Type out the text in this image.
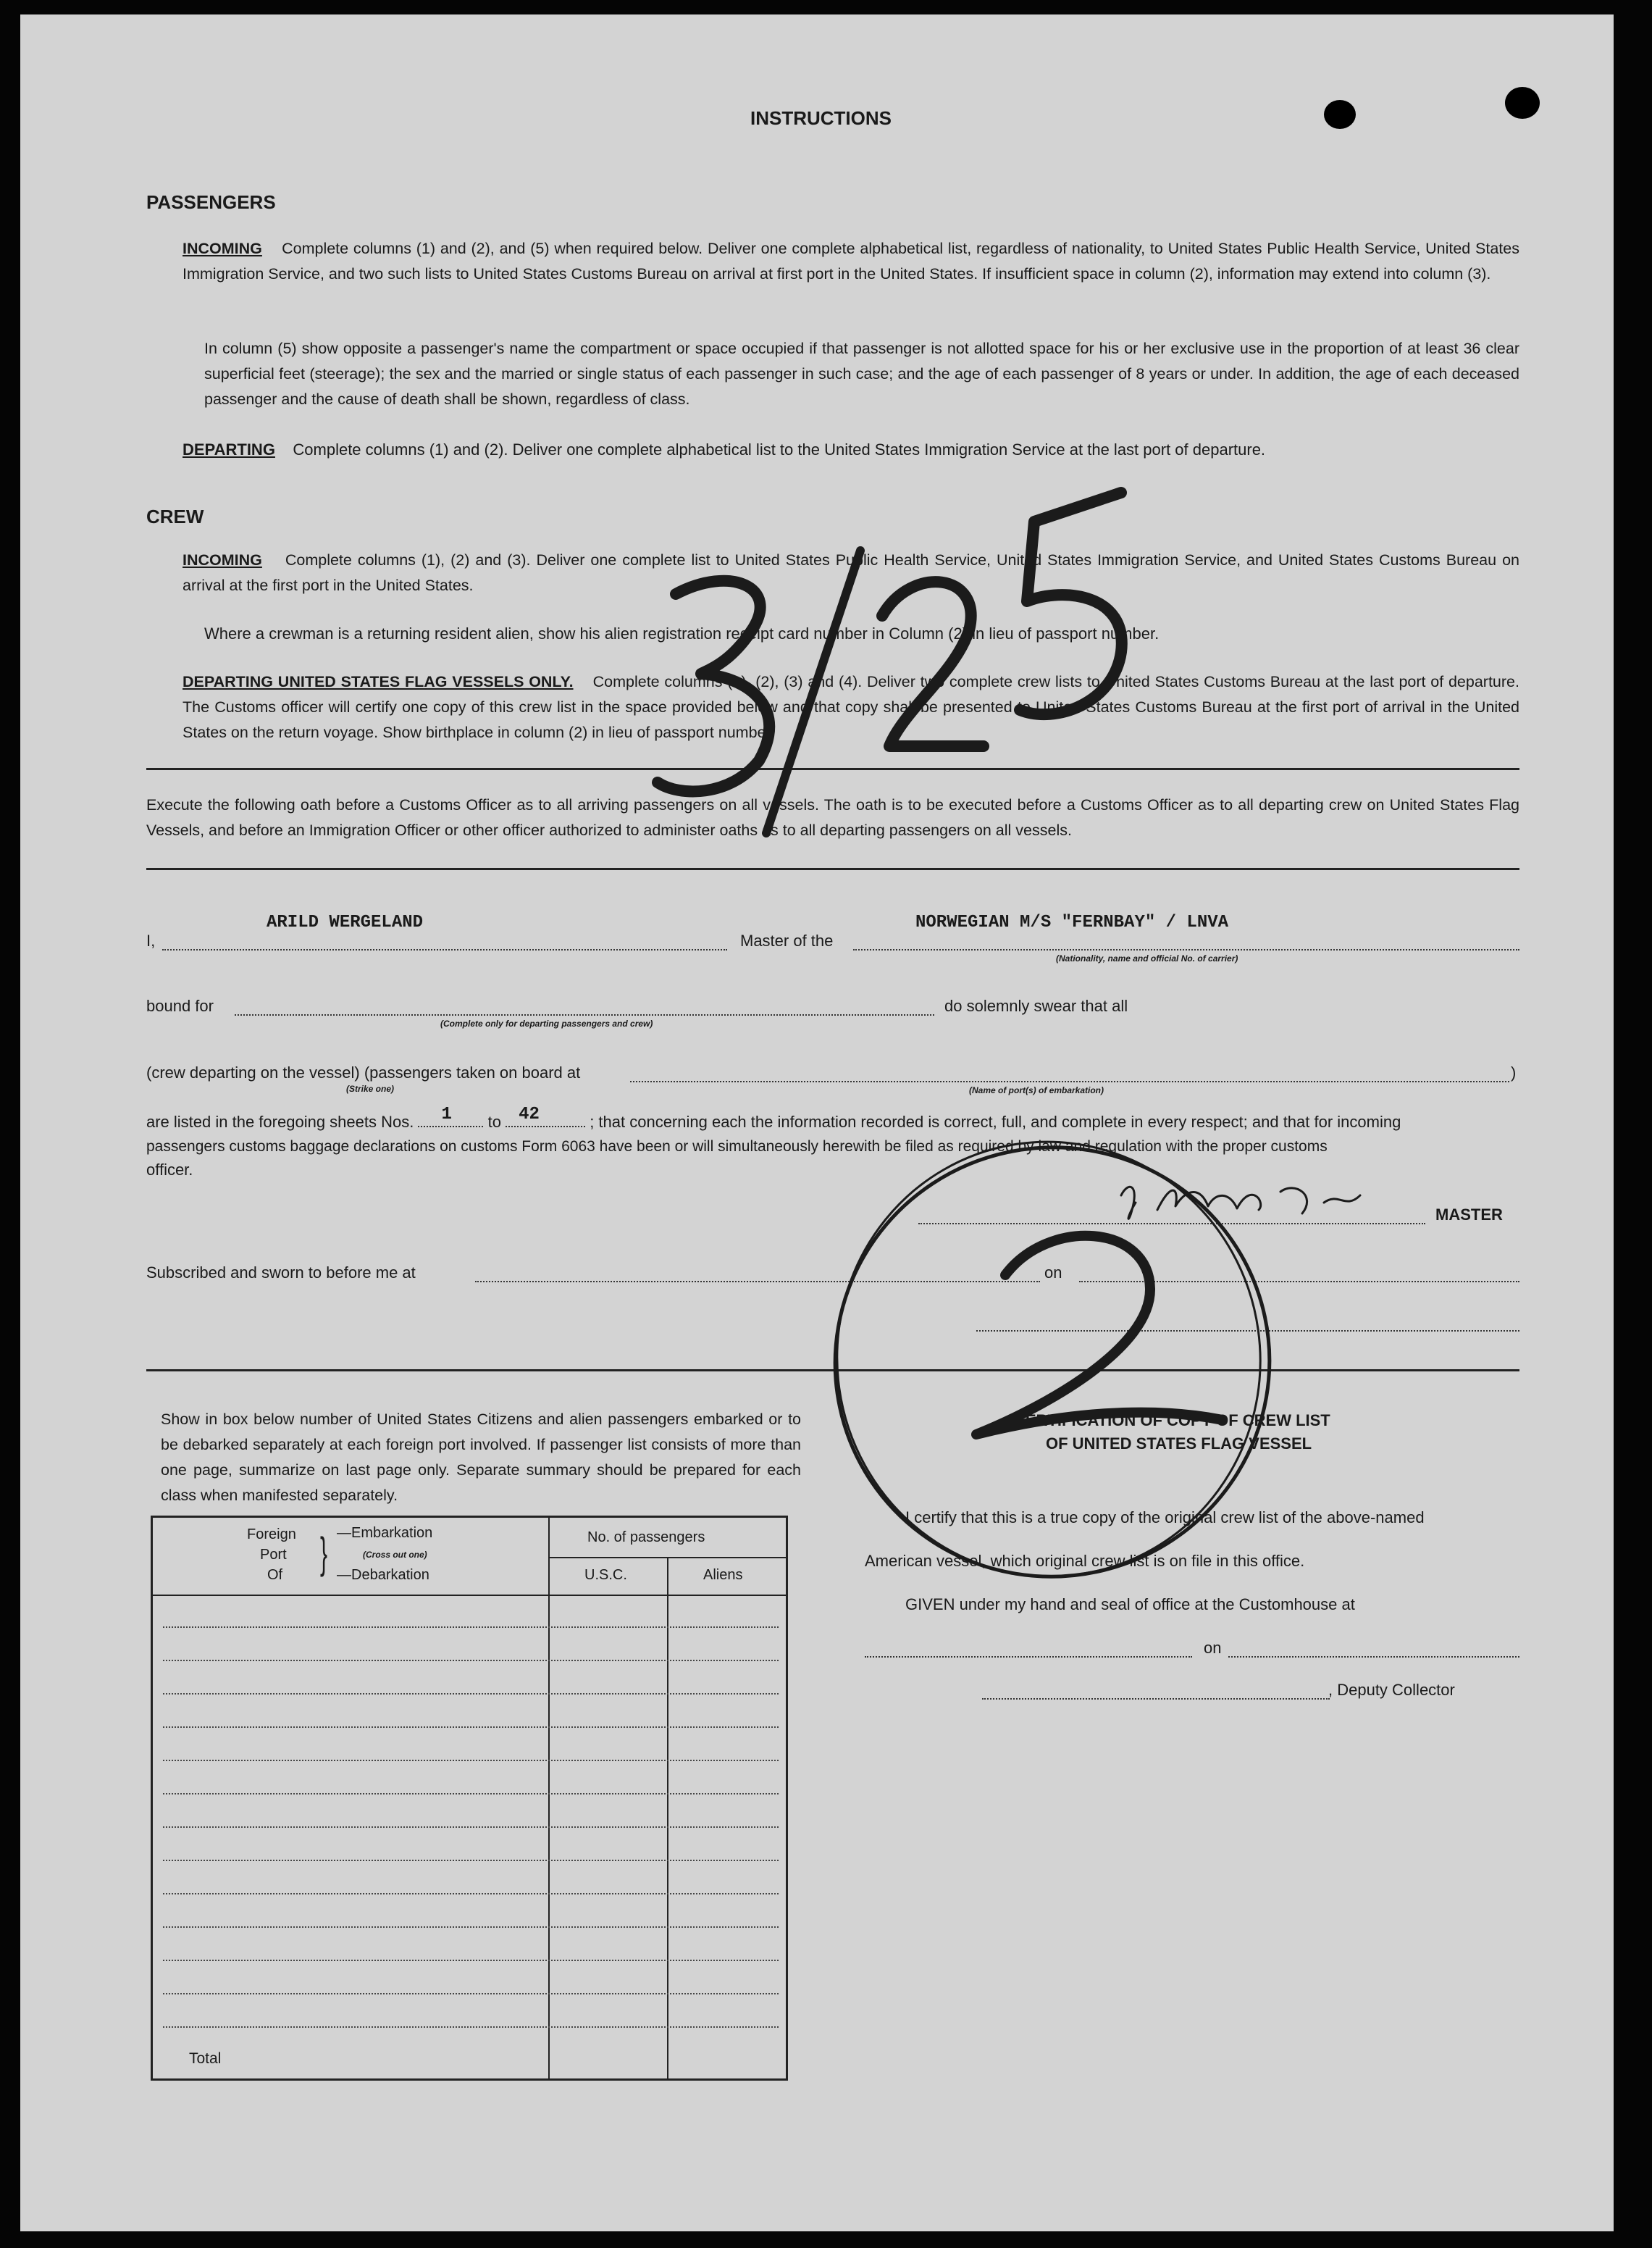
INSTRUCTIONS
PASSENGERS
INCOMING Complete columns (1) and (2), and (5) when required below. Deliver one complete alphabetical list, regardless of nationality, to United States Public Health Service, United States Immigration Service, and two such lists to United States Customs Bureau on arrival at first port in the United States. If insufficient space in column (2), information may extend into column (3).
In column (5) show opposite a passenger's name the compartment or space occupied if that passenger is not allotted space for his or her exclusive use in the proportion of at least 36 clear superficial feet (steerage); the sex and the married or single status of each passenger in such case; and the age of each passenger of 8 years or under. In addition, the age of each deceased passenger and the cause of death shall be shown, regardless of class.
DEPARTING Complete columns (1) and (2). Deliver one complete alphabetical list to the United States Immigration Service at the last port of departure.
CREW
INCOMING Complete columns (1), (2) and (3). Deliver one complete list to United States Public Health Service, United States Immigration Service, and United States Customs Bureau on arrival at the first port in the United States.
Where a crewman is a returning resident alien, show his alien registration receipt card number in Column (2) in lieu of passport number.
DEPARTING UNITED STATES FLAG VESSELS ONLY. Complete columns (1), (2), (3) and (4). Deliver two complete crew lists to United States Customs Bureau at the last port of departure. The Customs officer will certify one copy of this crew list in the space provided below and that copy shall be presented to United States Customs Bureau at the first port of arrival in the United States on the return voyage. Show birthplace in column (2) in lieu of passport number.
Execute the following oath before a Customs Officer as to all arriving passengers on all vessels. The oath is to be executed before a Customs Officer as to all departing crew on United States Flag Vessels, and before an Immigration Officer or other officer authorized to administer oaths as to all departing passengers on all vessels.
I,
ARILD WERGELAND
Master of the
NORWEGIAN M/S "FERNBAY" / LNVA
(Nationality, name and official No. of carrier)
bound for
(Complete only for departing passengers and crew)
do solemnly swear that all
(crew departing on the vessel) (passengers taken on board at	)
(Strike one)	(Name of port(s) of embarkation)
are listed in the foregoing sheets Nos. 1 to 42	; that concerning each the information recorded is correct, full, and complete in every respect; and that for incoming
passengers customs baggage declarations on customs Form 6063 have been or will simultaneously herewith be filed as required by law and regulation with the proper customs
officer.
MASTER
Subscribed and sworn to before me at	on
Show in box below number of United States Citizens and alien passengers embarked or to be debarked separately at each foreign port involved. If passenger list consists of more than one page, summarize on last page only. Separate summary should be prepared for each class when manifested separately.
Foreign
Port
Of } —Embarkation
(Cross out one)
—Debarkation
No. of passengers
U.S.C.	Aliens
Total
CERTIFICATION OF COPY OF CREW LIST
OF UNITED STATES FLAG VESSEL
I certify that this is a true copy of the original crew list of the above-named
American vessel, which original crew list is on file in this office.
GIVEN under my hand and seal of office at the Customhouse at
on
, Deputy Collector
